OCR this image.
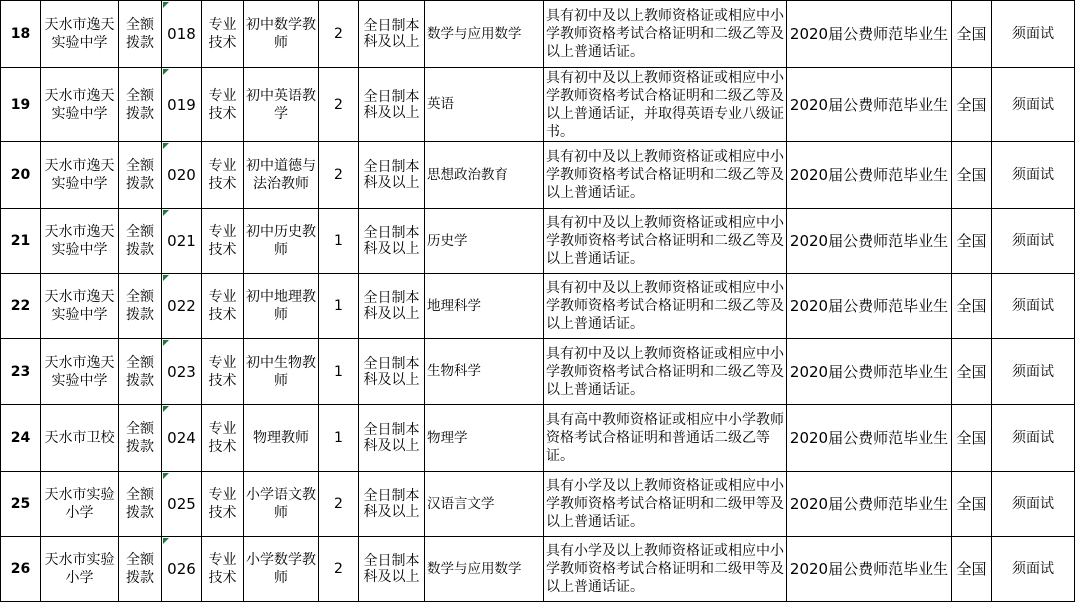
18	天水市逸天实验中学	全额拨款	018	专业技术	初中数学教师	2	全日制本科及以上	数学与应用数学	具有初中及以上教师资格证或相应中小学教师资格考试合格证明和二级乙等及以上普通话证。	2020届公费师范毕业生	全国	须面试
19	天水市逸天实验中学	全额拨款	019	专业技术	初中英语教学	2	全日制本科及以上	英语	具有初中及以上教师资格证或相应中小学教师资格考试合格证明和二级乙等及以上普通话证，并取得英语专业八级证书。	2020届公费师范毕业生	全国	须面试
20	天水市逸天实验中学	全额拨款	020	专业技术	初中道德与法治教师	2	全日制本科及以上	思想政治教育	具有初中及以上教师资格证或相应中小学教师资格考试合格证明和二级乙等及以上普通话证。	2020届公费师范毕业生	全国	须面试
21	天水市逸天实验中学	全额拨款	021	专业技术	初中历史教师	1	全日制本科及以上	历史学	具有初中及以上教师资格证或相应中小学教师资格考试合格证明和二级乙等及以上普通话证。	2020届公费师范毕业生	全国	须面试
22	天水市逸天实验中学	全额拨款	022	专业技术	初中地理教师	1	全日制本科及以上	地理科学	具有初中及以上教师资格证或相应中小学教师资格考试合格证明和二级乙等及以上普通话证。	2020届公费师范毕业生	全国	须面试
23	天水市逸天实验中学	全额拨款	023	专业技术	初中生物教师	1	全日制本科及以上	生物科学	具有初中及以上教师资格证或相应中小学教师资格考试合格证明和二级乙等及以上普通话证。	2020届公费师范毕业生	全国	须面试
24	天水市卫校	全额拨款	024	专业技术	物理教师	1	全日制本科及以上	物理学	具有高中教师资格证或相应中小学教师资格考试合格证明和普通话二级乙等证。	2020届公费师范毕业生	全国	须面试
25	天水市实验小学	全额拨款	025	专业技术	小学语文教师	2	全日制本科及以上	汉语言文学	具有小学及以上教师资格证或相应中小学教师资格考试合格证明和二级甲等及以上普通话证。	2020届公费师范毕业生	全国	须面试
26	天水市实验小学	全额拨款	026	专业技术	小学数学教师	2	全日制本科及以上	数学与应用数学	具有小学及以上教师资格证或相应中小学教师资格考试合格证明和二级甲等及以上普通话证。	2020届公费师范毕业生	全国	须面试
